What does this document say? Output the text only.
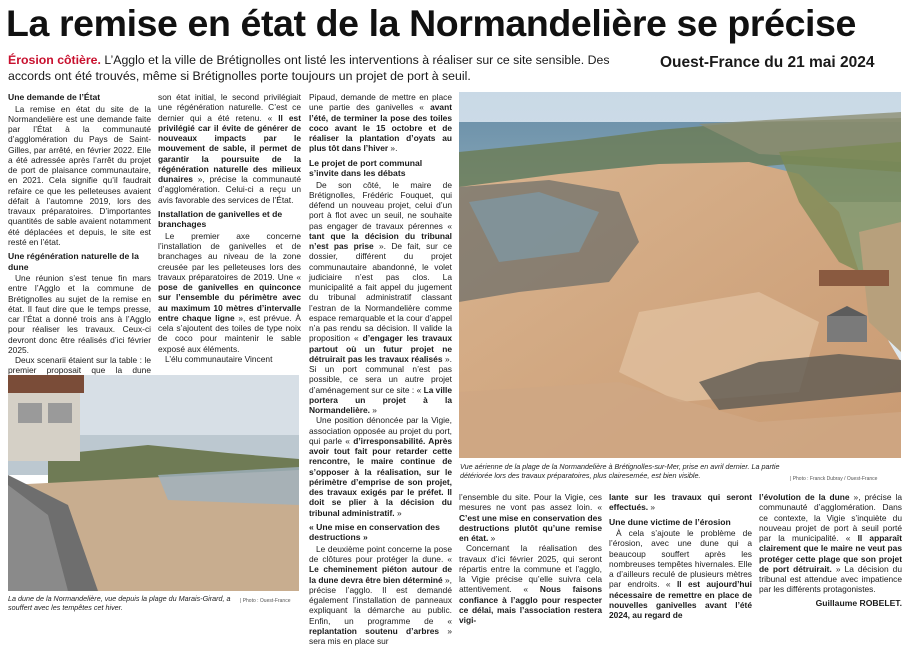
La remise en état de la Normandelière se précise
Érosion côtière. L’Agglo et la ville de Brétignolles ont listé les interventions à réaliser sur ce site sensible. Des accords ont été trouvés, même si Brétignolles porte toujours un projet de port à seuil.
Ouest-France du 21 mai 2024
Une demande de l’État

La remise en état du site de la Normandelière est une demande faite par l’État à la communauté d’agglomération du Pays de Saint-Gilles, par arrêté, en février 2022. Elle a été adressée après l’arrêt du projet de port de plaisance communautaire, en 2021. Cela signifie qu’il faudrait refaire ce que les pelleteuses avaient défait à l’automne 2019, lors des travaux préparatoires. D’importantes quantités de sable avaient notamment été déplacées et depuis, le site est resté en l’état.

Une régénération naturelle de la dune

Une réunion s’est tenue fin mars entre l’Agglo et la commune de Brétignolles au sujet de la remise en état. Il faut dire que le temps presse, car l’État a donné trois ans à l’Agglo pour réaliser les travaux. Ceux-ci devront donc être réalisés d’ici février 2025.

Deux scenarii étaient sur la table : le premier proposait que la dune

son état initial, le second privilégiait une régénération naturelle. C’est ce dernier qui a été retenu. « Il est privilégié car il évite de générer de nouveaux impacts par le mouvement de sable, il permet de garantir la poursuite de la régénération naturelle des milieux dunaires », précise la communauté d’agglomération. Celui-ci a reçu un avis favorable des services de l’État.

Installation de ganivelles et de branchages

Le premier axe concerne l’installation de ganivelles et de branchages au niveau de la zone creusée par les pelleteuses lors des travaux préparatoires de 2019. Une « pose de ganivelles en quinconce sur l’ensemble du périmètre avec au maximum 10 mètres d’intervalle entre chaque ligne », est prévue. À cela s’ajoutent des toiles de type noix de coco pour maintenir le sable exposé aux éléments.

L’élu communautaire Vincent

Pipaud, demande de mettre en place une partie des ganivelles « avant l’été, de terminer la pose des toiles coco avant le 15 octobre et de réaliser la plantation d’oyats au plus tôt dans l’hiver ».

Le projet de port communal s’invite dans les débats

De son côté, le maire de Brétignolles, Frédéric Fouquet, qui défend un nouveau projet, celui d’un port à flot avec un seuil, ne souhaite pas engager de travaux pérennes « tant que la décision du tribunal n’est pas prise ». De fait, sur ce dossier, différent du projet communautaire abandonné, le volet judiciaire n’est pas clos. La municipalité a fait appel du jugement du tribunal administratif classant l’estran de la Normandelière comme espace remarquable et la cour d’appel n’a pas rendu sa décision. Il valide la proposition « d’engager les travaux partout où un futur projet ne détruirait pas les travaux réalisés ». Si un port communal n’est pas possible, ce sera un autre projet d’aménagement sur ce site : « La ville portera un projet à la Normandelière. »

Une position dénoncée par la Vigie, association opposée au projet du port, qui parle « d’irresponsabilité. Après avoir tout fait pour retarder cette rencontre, le maire continue de s’opposer à la réalisation, sur le périmètre d’emprise de son projet, des travaux exigés par le préfet. Il doit se plier à la décision du tribunal administratif. »

« Une mise en conservation des destructions »

Le deuxième point concerne la pose de clôtures pour protéger la dune. « Le cheminement piéton autour de la dune devra être bien déterminé », précise l’agglo. Il est demandé également l’installation de panneaux expliquant la démarche au public. Enfin, un programme de « replantation soutenu d’arbres » sera mis en place sur

Vue aérienne de la plage de la Normandelière à Brétignolles-sur-Mer, prise en avril dernier. La partie détériorée lors des travaux préparatoires, plus clairesemée, est bien visible.	| Photo : Franck Dubray / Ouest-France
La dune de la Normandelière, vue depuis la plage du Marais-Girard, a souffert avec les tempêtes cet hiver.
| Photo : Ouest-France

l’ensemble du site. Pour la Vigie, ces mesures ne vont pas assez loin. « C’est une mise en conservation des destructions plutôt qu’une remise en état. »

Concernant la réalisation des travaux d’ici février 2025, qui seront répartis entre la commune et l’agglo, la Vigie précise qu’elle suivra cela attentivement. « Nous faisons confiance à l’agglo pour respecter ce délai, mais l’association restera vigi-

lante sur les travaux qui seront effectués. »

Une dune victime de l’érosion

À cela s’ajoute le problème de l’érosion, avec une dune qui a beaucoup souffert après les nombreuses tempêtes hivernales. Elle a d’ailleurs reculé de plusieurs mètres par endroits. « Il est aujourd’hui nécessaire de remettre en place de nouvelles ganivelles avant l’été 2024, au regard de

l’évolution de la dune », précise la communauté d’agglomération. Dans ce contexte, la Vigie s’inquiète du nouveau projet de port à seuil porté par la municipalité. « Il apparaît clairement que le maire ne veut pas protéger cette plage que son projet de port détruirait. » La décision du tribunal est attendue avec impatience par les différents protagonistes.

Guillaume ROBELET.
